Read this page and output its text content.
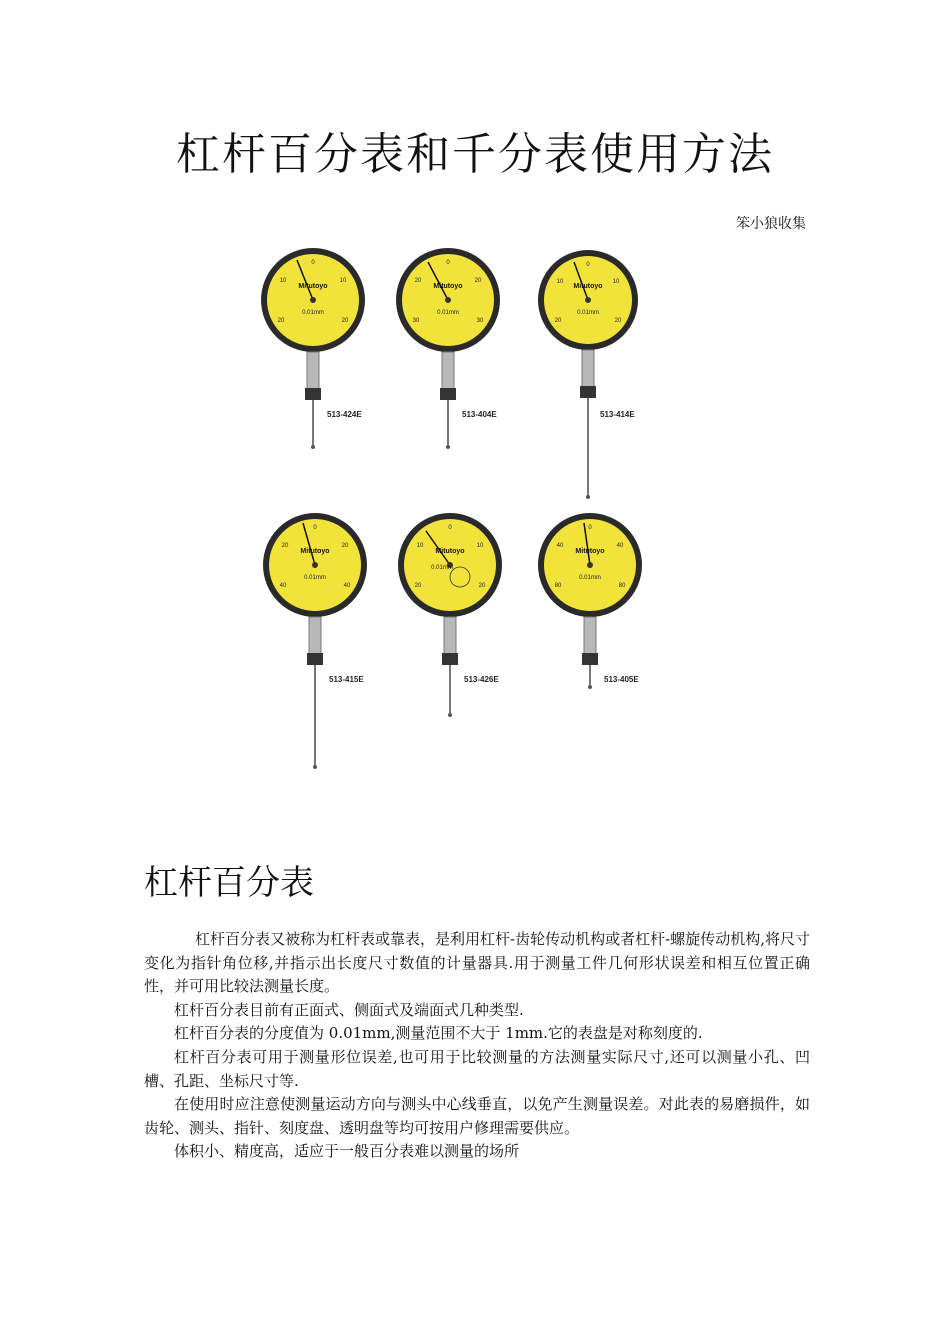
杠杆百分表和千分表使用方法
笨小狼收集
0
10	10
20	20
Mitutoyo
0.01mm
513-424E
0
20	20
30	30
Mitutoyo
0.01mm
513-404E
0
10	10
20	20
Mitutoyo
0.01mm
513-414E
0
20	20
40	40
Mitutoyo
0.01mm
513-415E
0
10	10
20	20
Mitutoyo
0.01mm
513-426E
0
40	40
80	80
Mitutoyo
0.01mm
513-405E
杠杆百分表

杠杆百分表又被称为杠杆表或靠表，是利用杠杆-齿轮传动机构或者杠杆-螺旋传动机构,将尺寸变化为指针角位移,并指示出长度尺寸数值的计量器具.用于测量工件几何形状误差和相互位置正确性，并可用比较法测量长度。

杠杆百分表目前有正面式、侧面式及端面式几种类型.

杠杆百分表的分度值为 0.01mm,测量范围不大于 1mm.它的表盘是对称刻度的.

杠杆百分表可用于测量形位误差,也可用于比较测量的方法测量实际尺寸,还可以测量小孔、凹槽、孔距、坐标尺寸等.

在使用时应注意使测量运动方向与测头中心线垂直，以免产生测量误差。对此表的易磨损件，如齿轮、测头、指针、刻度盘、透明盘等均可按用户修理需要供应。

体积小、精度高，适应于一般百分表难以测量的场所
